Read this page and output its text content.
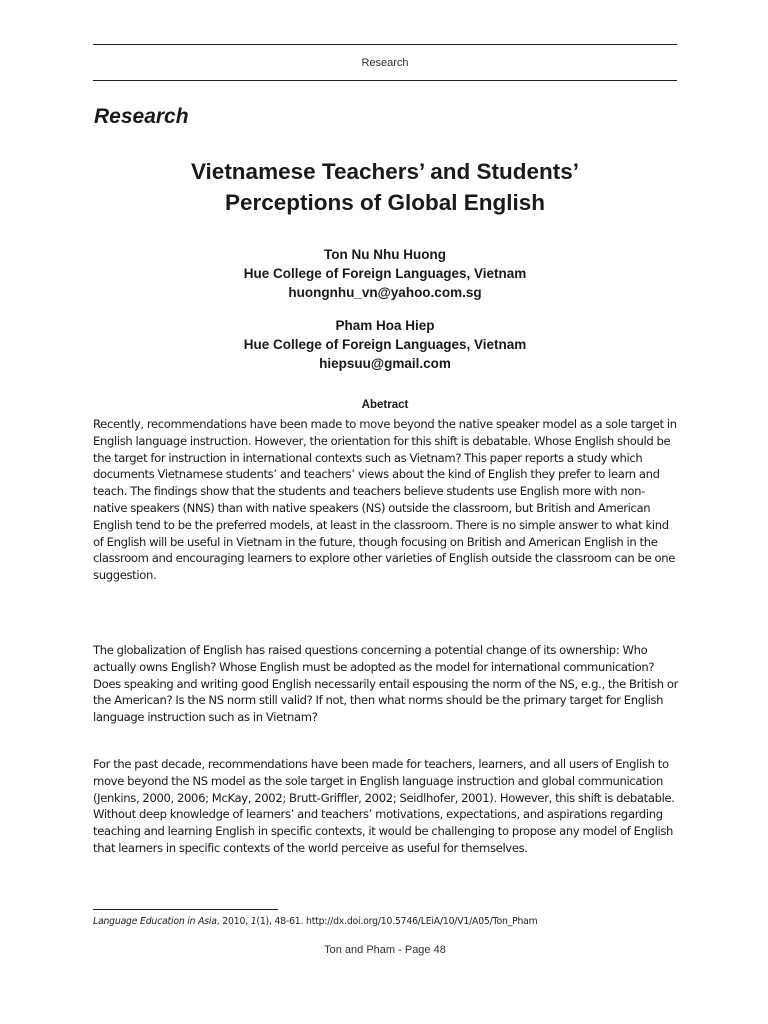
Research
Research
Vietnamese Teachers’ and Students’
Perceptions of Global English
Ton Nu Nhu Huong
Hue College of Foreign Languages, Vietnam
huongnhu_vn@yahoo.com.sg
Pham Hoa Hiep
Hue College of Foreign Languages, Vietnam
hiepsuu@gmail.com
Abetract
Recently, recommendations have been made to move beyond the native speaker model as a sole target in English language instruction. However, the orientation for this shift is debatable. Whose English should be the target for instruction in international contexts such as Vietnam? This paper reports a study which documents Vietnamese students’ and teachers’ views about the kind of English they prefer to learn and teach. The findings show that the students and teachers believe students use English more with non-native speakers (NNS) than with native speakers (NS) outside the classroom, but British and American English tend to be the preferred models, at least in the classroom. There is no simple answer to what kind of English will be useful in Vietnam in the future, though focusing on British and American English in the classroom and encouraging learners to explore other varieties of English outside the classroom can be one suggestion.
The globalization of English has raised questions concerning a potential change of its ownership: Who actually owns English? Whose English must be adopted as the model for international communication? Does speaking and writing good English necessarily entail espousing the norm of the NS, e.g., the British or the American? Is the NS norm still valid? If not, then what norms should be the primary target for English language instruction such as in Vietnam?
For the past decade, recommendations have been made for teachers, learners, and all users of English to move beyond the NS model as the sole target in English language instruction and global communication (Jenkins, 2000, 2006; McKay, 2002; Brutt-Griffler, 2002; Seidlhofer, 2001). However, this shift is debatable. Without deep knowledge of learners’ and teachers’ motivations, expectations, and aspirations regarding teaching and learning English in specific contexts, it would be challenging to propose any model of English that learners in specific contexts of the world perceive as useful for themselves.
Language Education in Asia, 2010, 1(1), 48-61. http://dx.doi.org/10.5746/LEiA/10/V1/A05/Ton_Pham
Ton and Pham - Page 48
